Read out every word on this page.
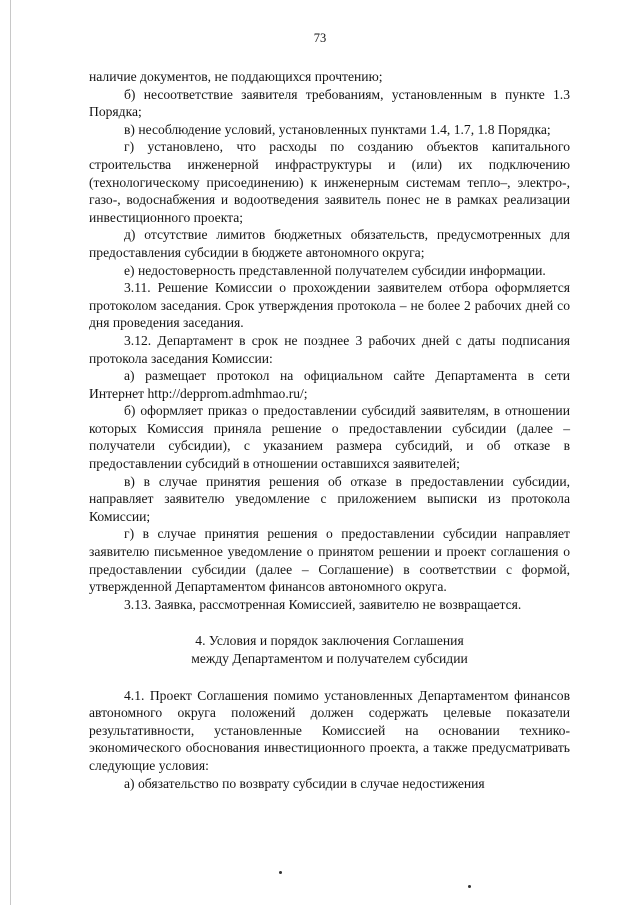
73

наличие документов, не поддающихся прочтению;

б) несоответствие заявителя требованиям, установленным в пункте 1.3 Порядка;

в) несоблюдение условий, установленных пунктами 1.4, 1.7, 1.8 Порядка;

г) установлено, что расходы по созданию объектов капитального строительства инженерной инфраструктуры и (или) их подключению (технологическому присоединению) к инженерным системам тепло–, электро-, газо-, водоснабжения и водоотведения заявитель понес не в рамках реализации инвестиционного проекта;

д) отсутствие лимитов бюджетных обязательств, предусмотренных для предоставления субсидии в бюджете автономного округа;

е) недостоверность представленной получателем субсидии информации.

3.11. Решение Комиссии о прохождении заявителем отбора оформляется протоколом заседания. Срок утверждения протокола – не более 2 рабочих дней со дня проведения заседания.

3.12. Департамент в срок не позднее 3 рабочих дней с даты подписания протокола заседания Комиссии:

а) размещает протокол на официальном сайте Департамента в сети Интернет http://depprom.admhmao.ru/;

б) оформляет приказ о предоставлении субсидий заявителям, в отношении которых Комиссия приняла решение о предоставлении субсидии (далее – получатели субсидии), с указанием размера субсидий, и об отказе в предоставлении субсидий в отношении оставшихся заявителей;

в) в случае принятия решения об отказе в предоставлении субсидии, направляет заявителю уведомление с приложением выписки из протокола Комиссии;

г) в случае принятия решения о предоставлении субсидии направляет заявителю письменное уведомление о принятом решении и проект соглашения о предоставлении субсидии (далее – Соглашение) в соответствии с формой, утвержденной Департаментом финансов автономного округа.

3.13. Заявка, рассмотренная Комиссией, заявителю не возвращается.

4. Условия и порядок заключения Соглашения
между Департаментом и получателем субсидии

4.1. Проект Соглашения помимо установленных Департаментом финансов автономного округа положений должен содержать целевые показатели результативности, установленные Комиссией на основании технико-экономического обоснования инвестиционного проекта, а также предусматривать следующие условия:

а) обязательство по возврату субсидии в случае недостижения
